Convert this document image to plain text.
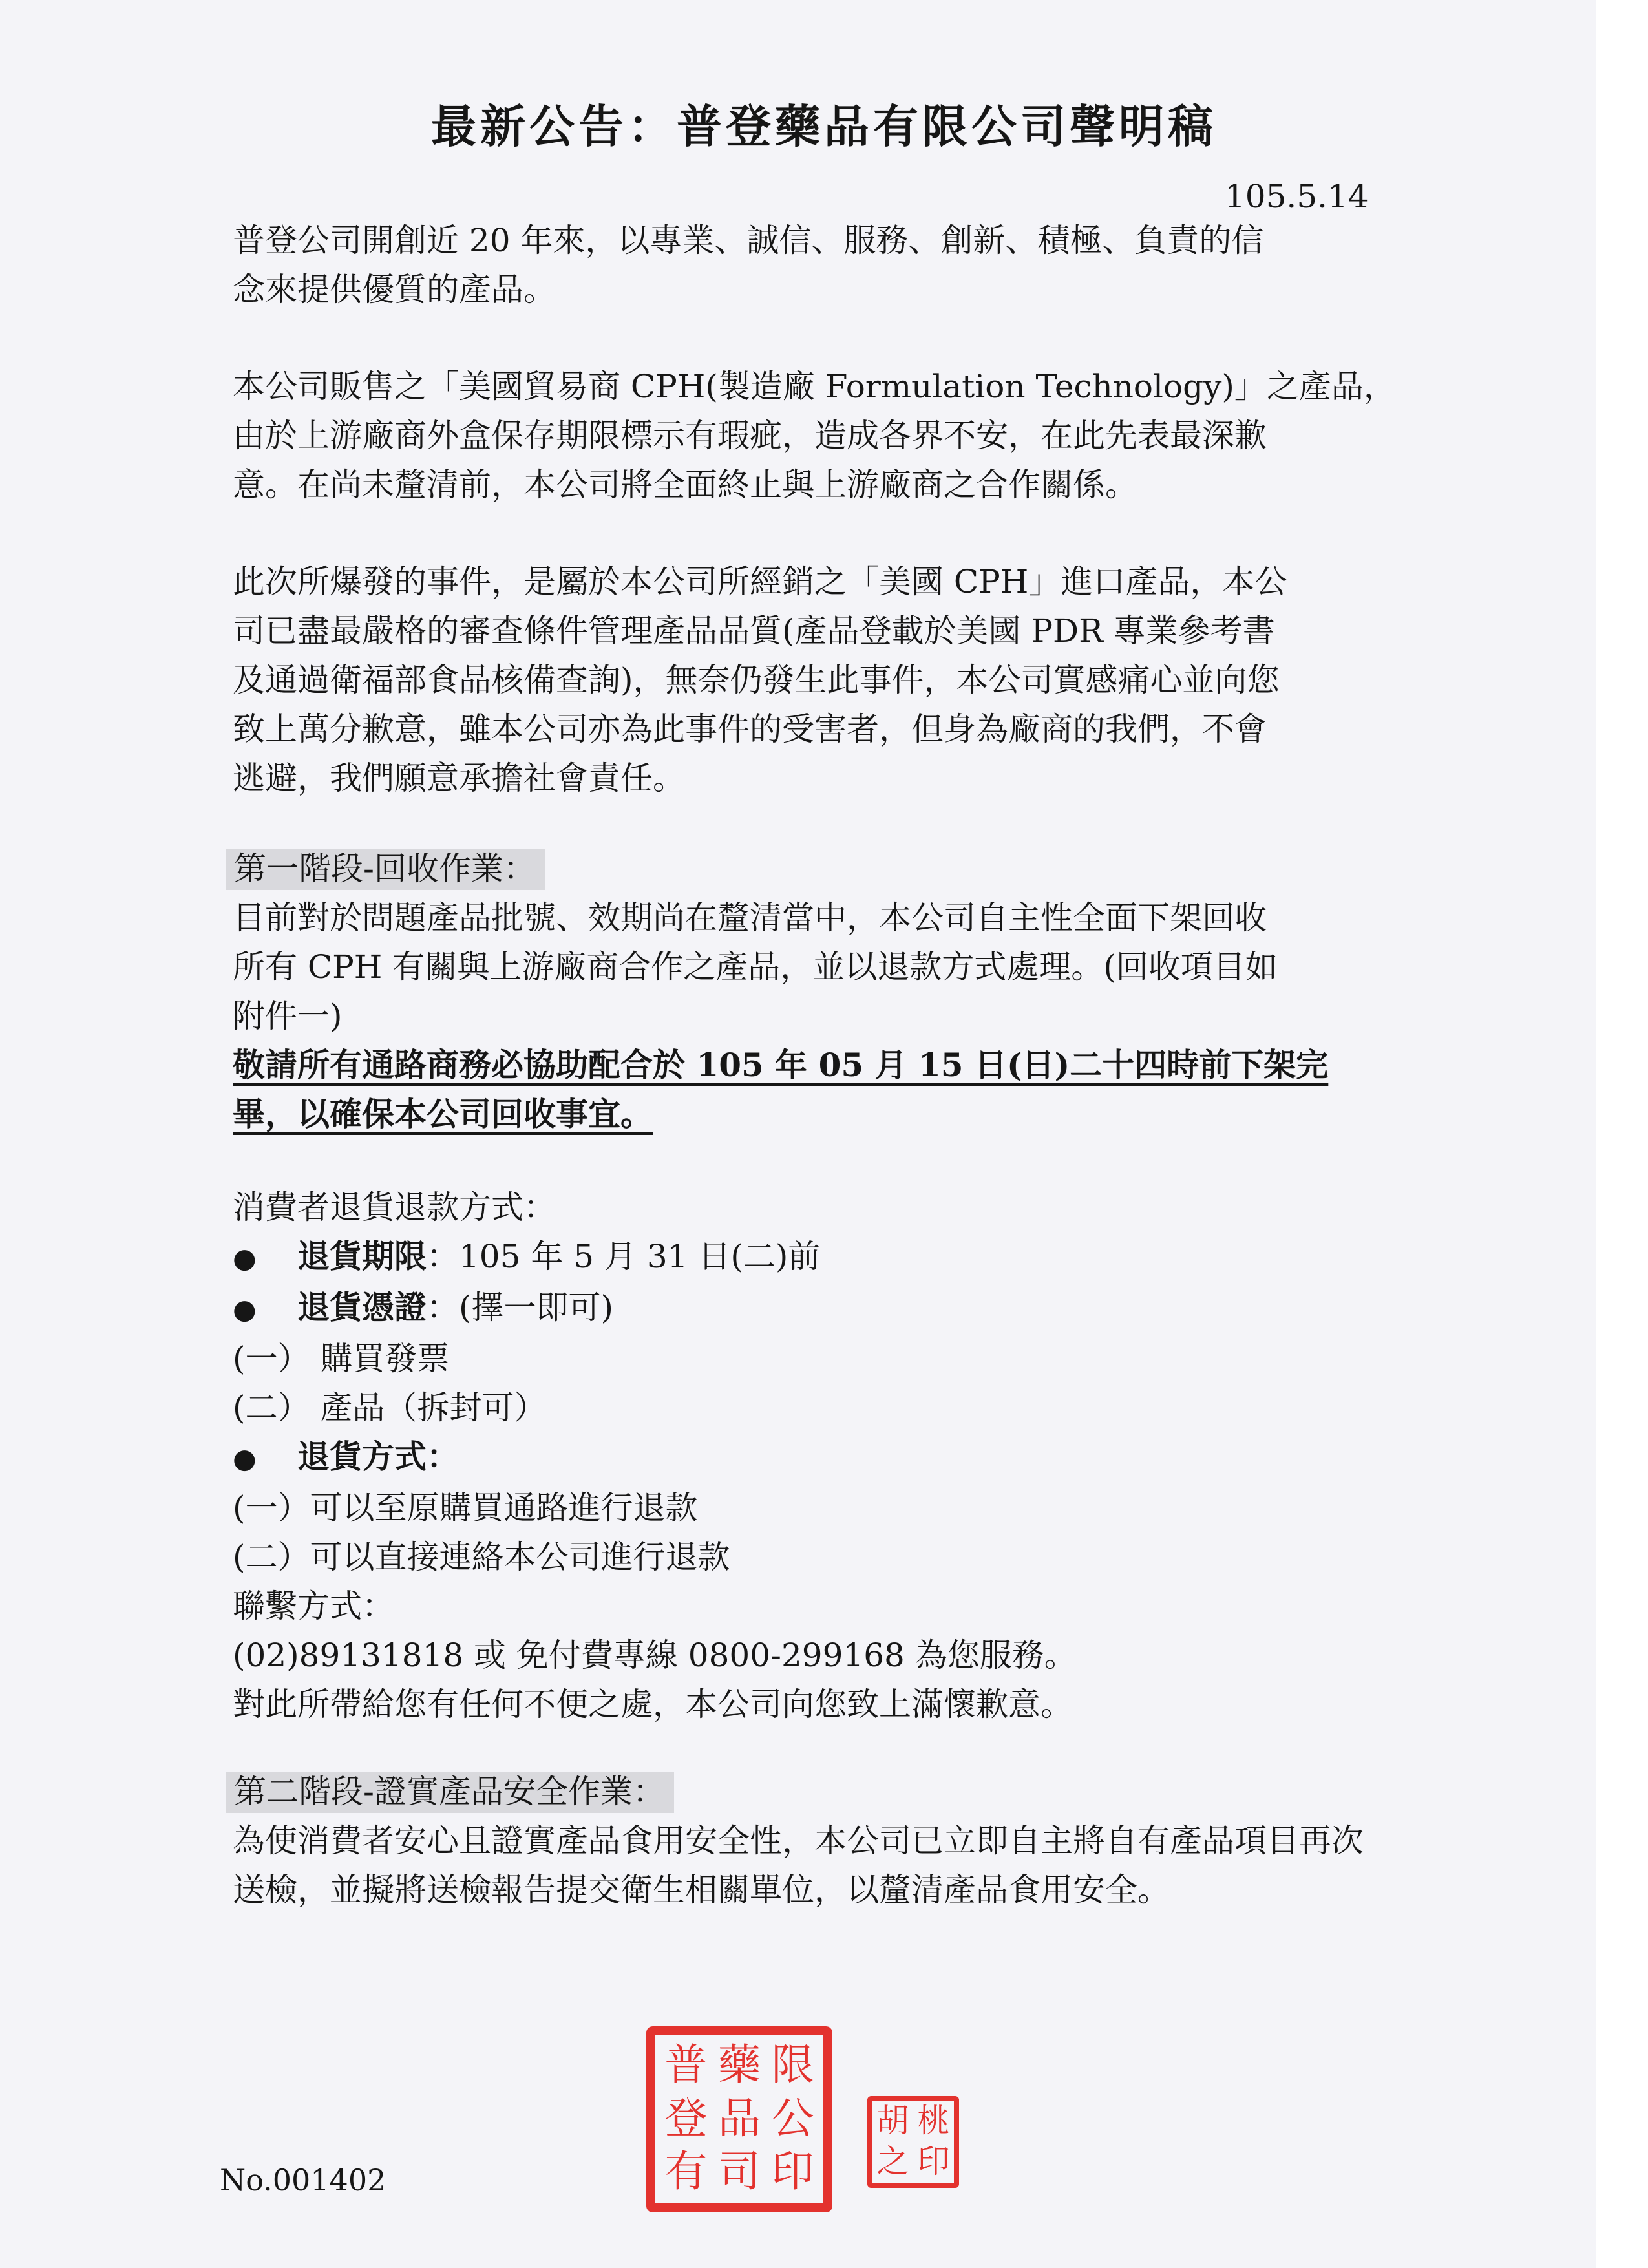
最新公告：普登藥品有限公司聲明稿
105.5.14

普登公司開創近 20 年來，以專業、誠信、服務、創新、積極、負責的信

念來提供優質的產品。

本公司販售之「美國貿易商 CPH(製造廠 Formulation Technology)」之產品，

由於上游廠商外盒保存期限標示有瑕疵，造成各界不安，在此先表最深歉

意。在尚未釐清前，本公司將全面終止與上游廠商之合作關係。

此次所爆發的事件，是屬於本公司所經銷之「美國 CPH」進口產品，本公

司已盡最嚴格的審查條件管理產品品質(產品登載於美國 PDR 專業參考書

及通過衛福部食品核備查詢)，無奈仍發生此事件，本公司實感痛心並向您

致上萬分歉意，雖本公司亦為此事件的受害者，但身為廠商的我們，不會

逃避，我們願意承擔社會責任。

第一階段-回收作業：

目前對於問題產品批號、效期尚在釐清當中，本公司自主性全面下架回收

所有 CPH 有關與上游廠商合作之產品，並以退款方式處理。(回收項目如

附件一)

敬請所有通路商務必協助配合於 105 年 05 月 15 日(日)二十四時前下架完

畢，以確保本公司回收事宜。

消費者退貨退款方式：

● 退貨期限：105 年 5 月 31 日(二)前

● 退貨憑證：(擇一即可)

(一） 購買發票

(二） 產品（拆封可）

● 退貨方式：

(一）可以至原購買通路進行退款

(二）可以直接連絡本公司進行退款

聯繫方式：

(02)89131818 或 免付費專線 0800-299168 為您服務。

對此所帶給您有任何不便之處，本公司向您致上滿懷歉意。

第二階段-證實產品安全作業：

為使消費者安心且證實產品食用安全性，本公司已立即自主將自有產品項目再次

送檢，並擬將送檢報告提交衛生相關單位，以釐清產品食用安全。

普 藥 限
登 品 公
有 司 印
胡 桃
之 印
No.001402
